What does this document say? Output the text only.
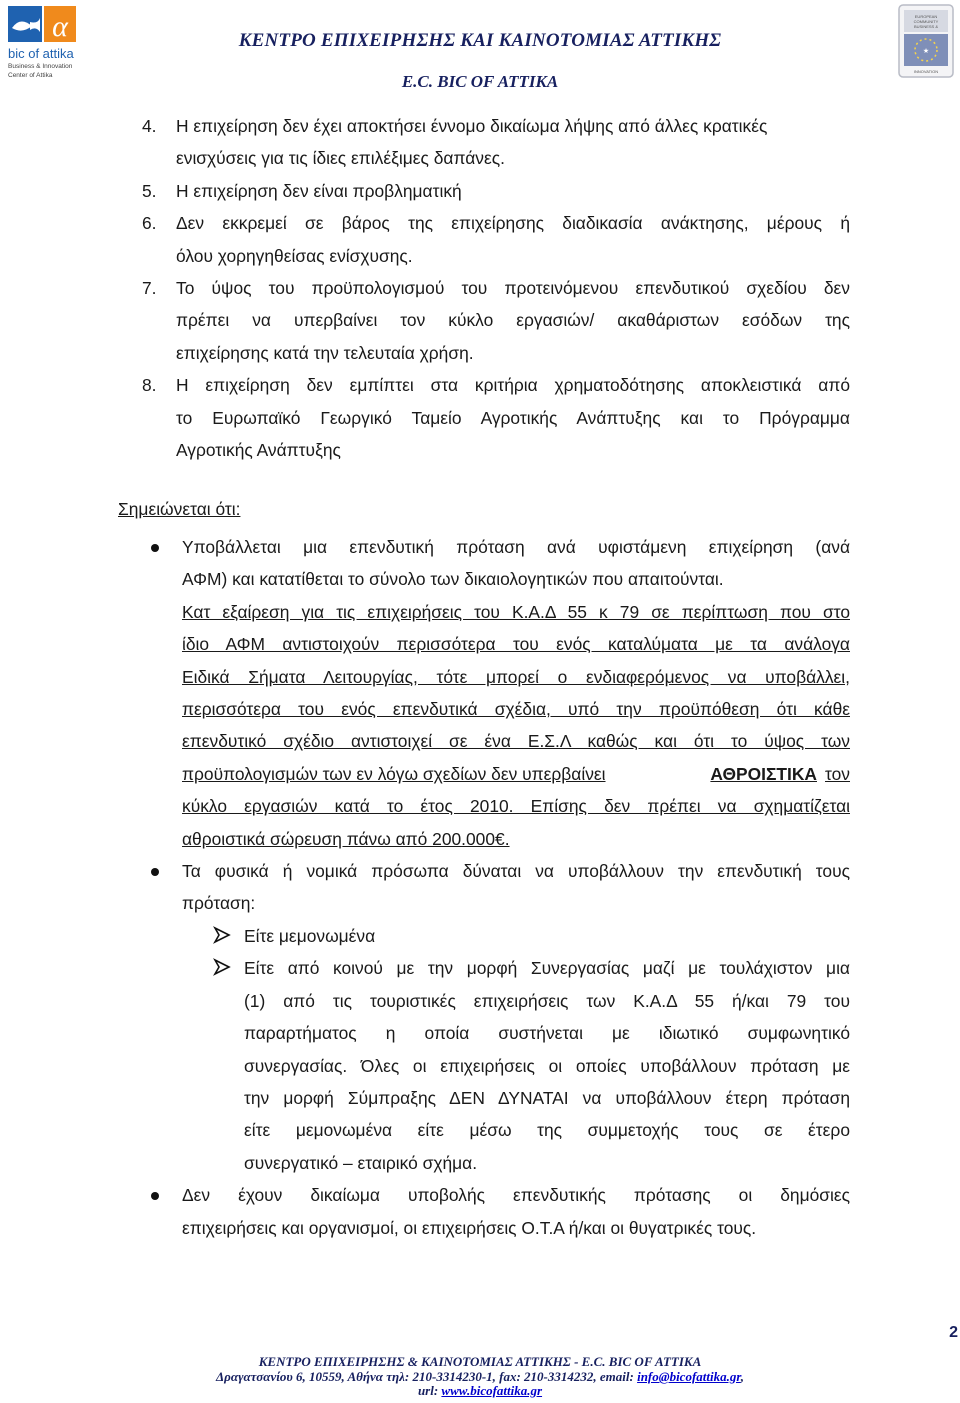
α
bic of attika
Business & Innovation
Center of Attika
EUROPEAN
COMMUNITY
BUSINESS &
★
INNOVATION
ΚΕΝΤΡΟ ΕΠΙΧΕΙΡΗΣΗΣ ΚΑΙ ΚΑΙΝΟΤΟΜΙΑΣ ΑΤΤΙΚΗΣ
E.C. BIC OF ATTIKA
4.	Η επιχείρηση δεν έχει αποκτήσει έννομο δικαίωμα λήψης από άλλες κρατικές
ενισχύσεις για τις ίδιες επιλέξιμες δαπάνες.
5.	Η επιχείρηση δεν είναι προβληματική
6.	Δεν εκκρεμεί σε βάρος της επιχείρησης διαδικασία ανάκτησης, μέρους ή
όλου χορηγηθείσας ενίσχυσης.
7.	Το ύψος του προϋπολογισμού του προτεινόμενου επενδυτικού σχεδίου δεν
πρέπει να υπερβαίνει τον κύκλο εργασιών/ ακαθάριστων εσόδων της
επιχείρησης κατά την τελευταία χρήση.
8.	Η επιχείρηση δεν εμπίπτει στα κριτήρια χρηματοδότησης αποκλειστικά από
το Ευρωπαϊκό Γεωργικό Ταμείο Αγροτικής Ανάπτυξης και το Πρόγραμμα
Αγροτικής Ανάπτυξης
Σημειώνεται ότι:
Υποβάλλεται μια επενδυτική πρόταση ανά υφιστάμενη επιχείρηση (ανά
ΑΦΜ) και κατατίθεται το σύνολο των δικαιολογητικών που απαιτούνται.
Κατ εξαίρεση για τις επιχειρήσεις του Κ.Α.Δ 55 κ 79 σε περίπτωση που στο
ίδιο ΑΦΜ αντιστοιχούν περισσότερα του ενός καταλύματα με τα ανάλογα
Ειδικά Σήματα Λειτουργίας, τότε μπορεί ο ενδιαφερόμενος να υποβάλλει,
περισσότερα του ενός επενδυτικά σχέδια, υπό την προϋπόθεση ότι κάθε
επενδυτικό σχέδιο αντιστοιχεί σε ένα Ε.Σ.Λ καθώς και ότι το ύψος των
προϋπολογισμών των εν λόγω σχεδίων δεν υπερβαίνει	ΑΘΡΟΙΣΤΙΚΑ τον
κύκλο εργασιών κατά το έτος 2010. Επίσης δεν πρέπει να σχηματίζεται
αθροιστικά σώρευση πάνω από 200.000€.
Τα φυσικά ή νομικά πρόσωπα δύναται να υποβάλλουν την επενδυτική τους
πρόταση:
Είτε μεμονωμένα
Είτε από κοινού με την μορφή Συνεργασίας μαζί με τουλάχιστον μια
(1) από τις τουριστικές επιχειρήσεις των Κ.Α.Δ 55 ή/και 79 του
παραρτήματος η οποία συστήνεται με ιδιωτικό συμφωνητικό
συνεργασίας. Όλες οι επιχειρήσεις οι οποίες υποβάλλουν πρόταση με
την μορφή Σύμπραξης ΔΕΝ ΔΥΝΑΤΑΙ να υποβάλλουν έτερη πρόταση
είτε μεμονωμένα είτε μέσω της συμμετοχής τους σε έτερο
συνεργατικό – εταιρικό σχήμα.
Δεν έχουν δικαίωμα υποβολής επενδυτικής πρότασης οι δημόσιες
επιχειρήσεις και οργανισμοί, οι επιχειρήσεις Ο.Τ.Α ή/και οι θυγατρικές τους.
2
ΚΕΝΤΡΟ ΕΠΙΧΕΙΡΗΣΗΣ & ΚΑΙΝΟΤΟΜΙΑΣ ΑΤΤΙΚΗΣ - E.C. BIC OF ATTIKA
Δραγατσανίου 6, 10559, Αθήνα τηλ: 210-3314230-1, fax: 210-3314232, email: info@bicofattika.gr,
url: www.bicofattika.gr
